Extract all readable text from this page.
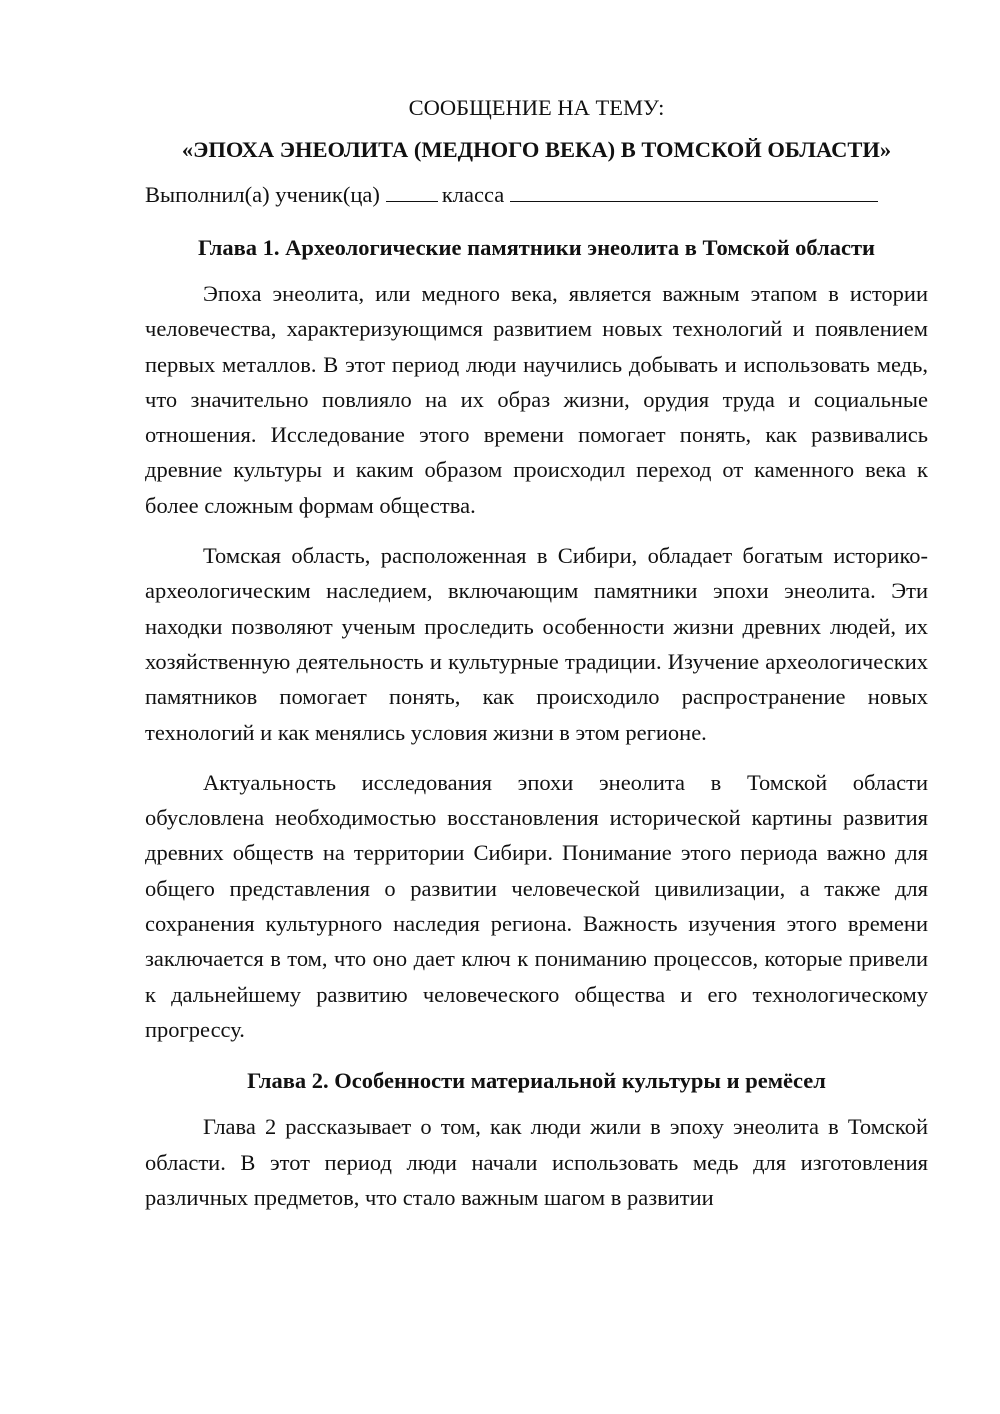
СООБЩЕНИЕ НА ТЕМУ:

«ЭПОХА ЭНЕОЛИТА (МЕДНОГО ВЕКА) В ТОМСКОЙ ОБЛАСТИ»

Выполнил(а) ученик(ца)	класса

Глава 1. Археологические памятники энеолита в Томской области

Эпоха энеолита, или медного века, является важным этапом в истории человечества, характеризующимся развитием новых технологий и появлением первых металлов. В этот период люди научились добывать и использовать медь, что значительно повлияло на их образ жизни, орудия труда и социальные отношения. Исследование этого времени помогает понять, как развивались древние культуры и каким образом происходил переход от каменного века к более сложным формам общества.

Томская область, расположенная в Сибири, обладает богатым историко-археологическим наследием, включающим памятники эпохи энеолита. Эти находки позволяют ученым проследить особенности жизни древних людей, их хозяйственную деятельность и культурные традиции. Изучение археологических памятников помогает понять, как происходило распространение новых технологий и как менялись условия жизни в этом регионе.

Актуальность исследования эпохи энеолита в Томской области обусловлена необходимостью восстановления исторической картины развития древних обществ на территории Сибири. Понимание этого периода важно для общего представления о развитии человеческой цивилизации, а также для сохранения культурного наследия региона. Важность изучения этого времени заключается в том, что оно дает ключ к пониманию процессов, которые привели к дальнейшему развитию человеческого общества и его технологическому прогрессу.

Глава 2. Особенности материальной культуры и ремёсел

Глава 2 рассказывает о том, как люди жили в эпоху энеолита в Томской области. В этот период люди начали использовать медь для изготовления различных предметов, что стало важным шагом в развитии
